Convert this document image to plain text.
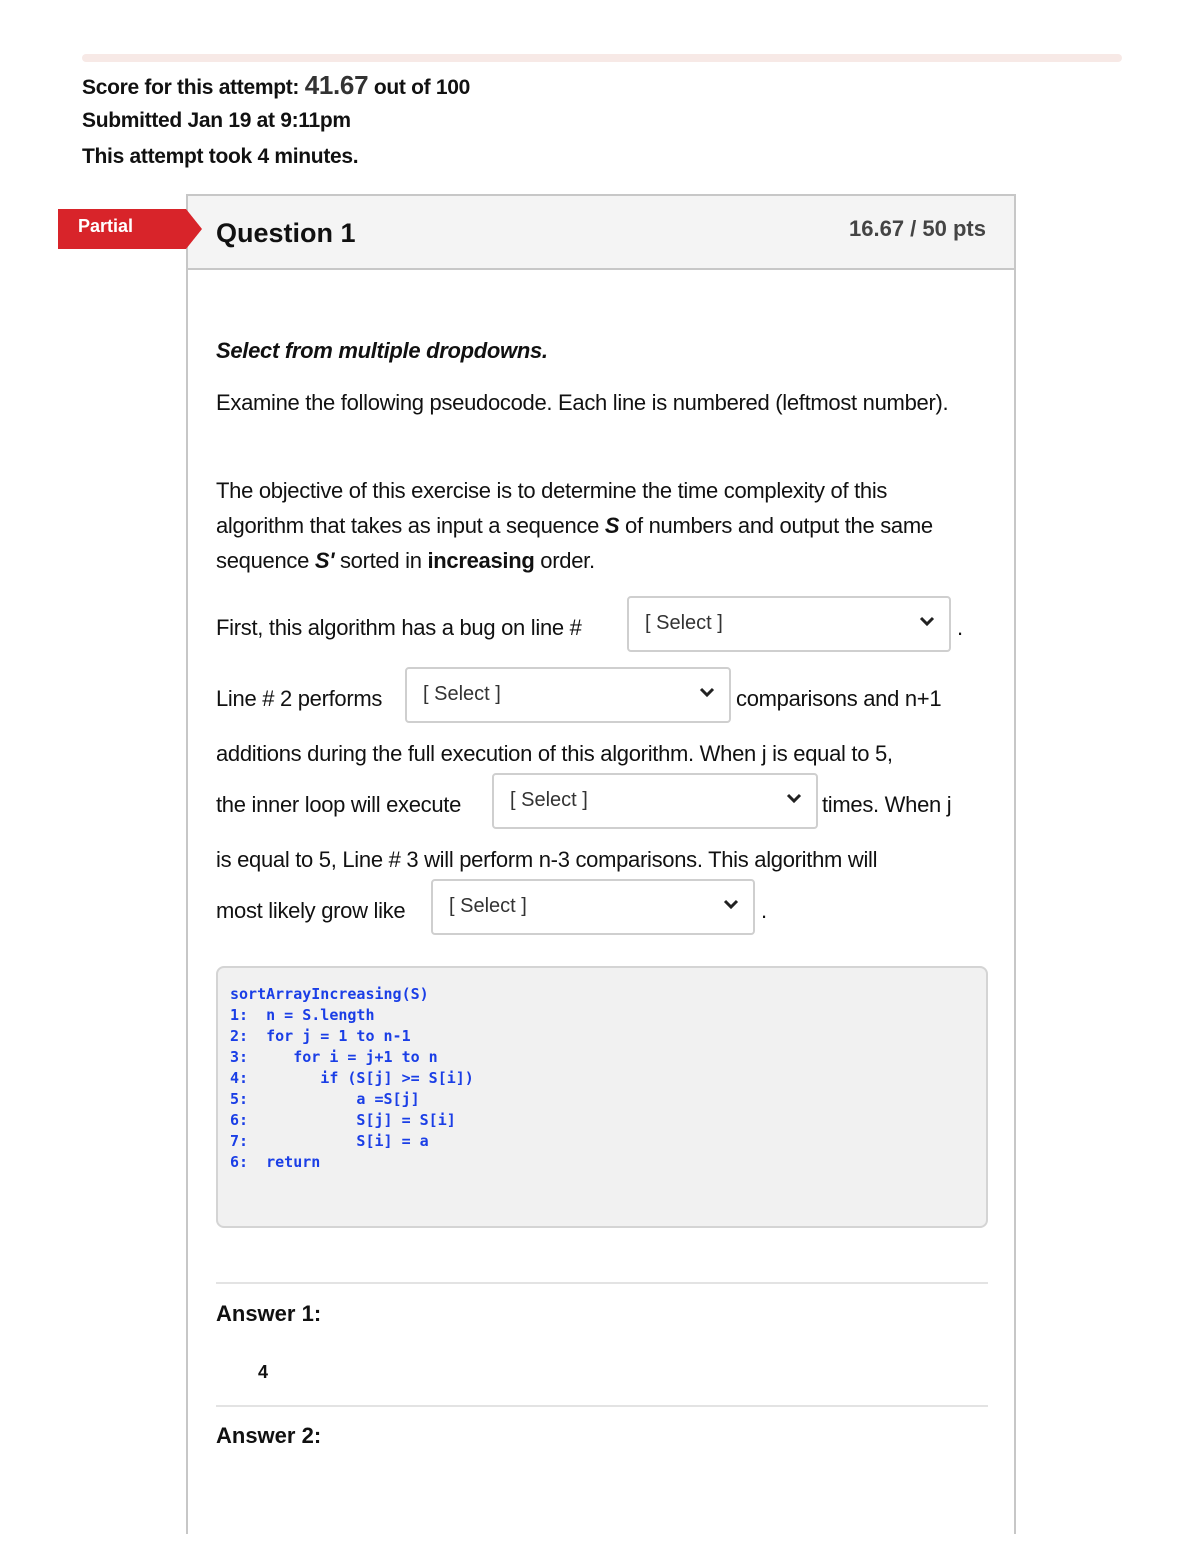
Score for this attempt: 41.67 out of 100
Submitted Jan 19 at 9:11pm
This attempt took 4 minutes.
Question 1	16.67 / 50 pts
Partial
Select from multiple dropdowns.
Examine the following pseudocode. Each line is numbered (leftmost number).
The objective of this exercise is to determine the time complexity of this algorithm that takes as input a sequence S of numbers and output the same sequence S' sorted in increasing order.
First, this algorithm has a bug on line #	[ Select ]	.
Line # 2 performs [ Select ]	comparisons and n+1
additions during the full execution of this algorithm. When j is equal to 5,
the inner loop will execute [ Select ]	times. When j
is equal to 5, Line # 3 will perform n-3 comparisons. This algorithm will
most likely grow like [ Select ]	.
sortArrayIncreasing(S)
1:  n = S.length
2:  for j = 1 to n-1
3:     for i = j+1 to n
4:        if (S[j] >= S[i])
5:            a =S[j]
6:            S[j] = S[i]
7:            S[i] = a
6:  return
Answer 1:
4
Answer 2:
